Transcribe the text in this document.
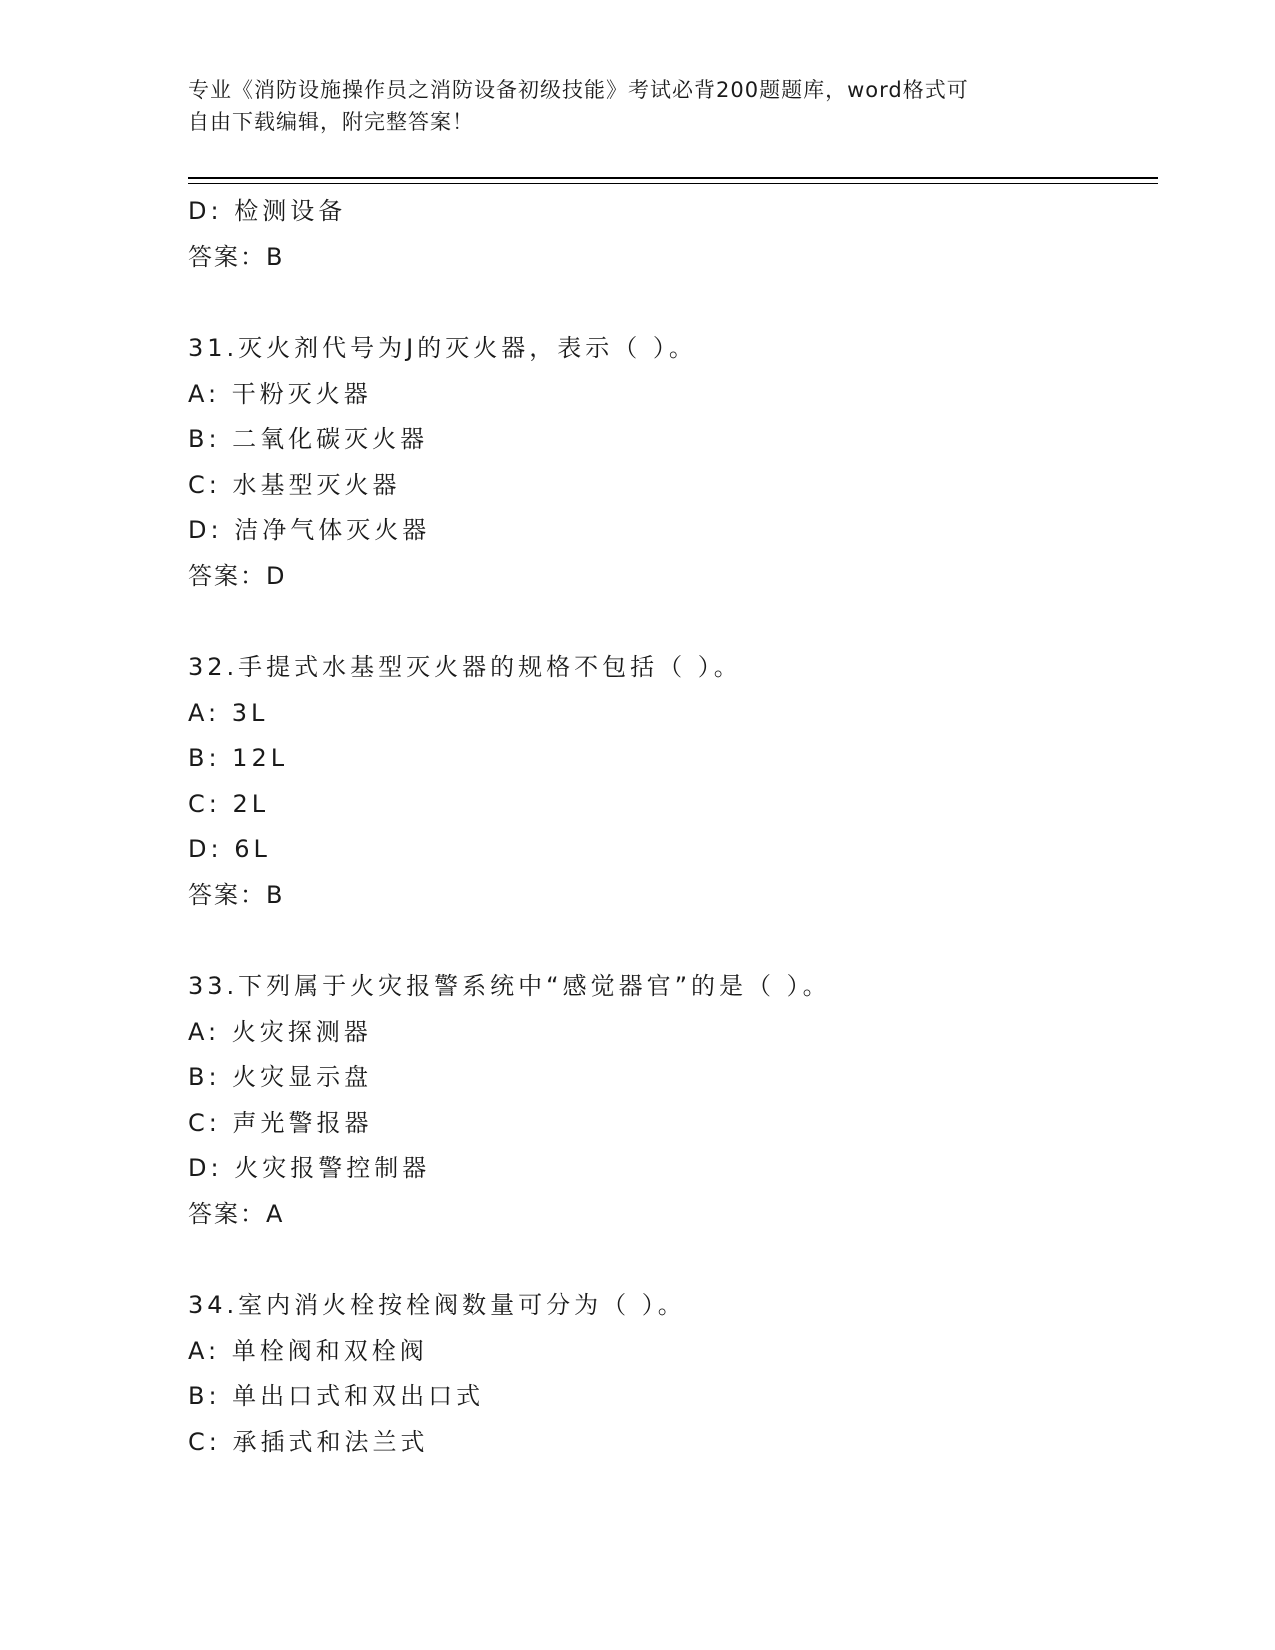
专业《消防设施操作员之消防设备初级技能》考试必背200题题库，word格式可
自由下载编辑，附完整答案！
D: 检测设备
答案：B
31.灭火剂代号为J的灭火器，表示（ ）。
A: 干粉灭火器
B: 二氧化碳灭火器
C: 水基型灭火器
D: 洁净气体灭火器
答案：D
32.手提式水基型灭火器的规格不包括（ ）。
A: 3L
B: 12L
C: 2L
D: 6L
答案：B
33.下列属于火灾报警系统中“感觉器官”的是（ ）。
A: 火灾探测器
B: 火灾显示盘
C: 声光警报器
D: 火灾报警控制器
答案：A
34.室内消火栓按栓阀数量可分为（ ）。
A: 单栓阀和双栓阀
B: 单出口式和双出口式
C: 承插式和法兰式
